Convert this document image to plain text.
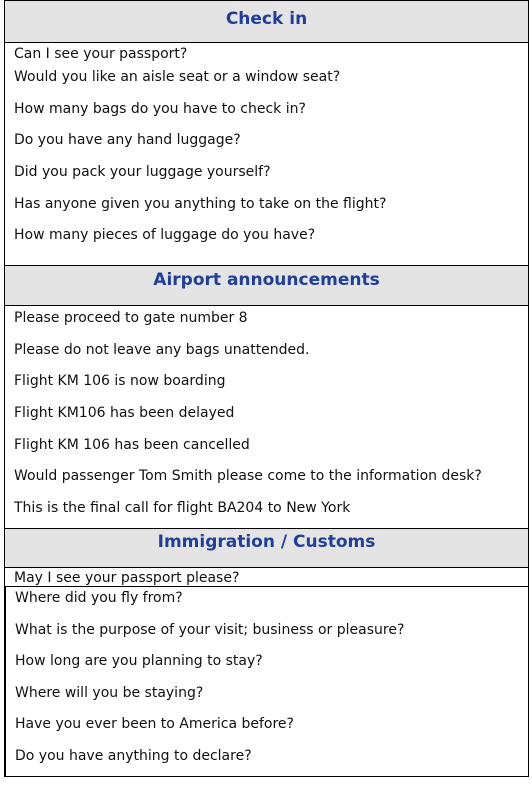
Check in
Can I see your passport?
Would you like an aisle seat or a window seat?
How many bags do you have to check in?
Do you have any hand luggage?
Did you pack your luggage yourself?
Has anyone given you anything to take on the flight?
How many pieces of luggage do you have?
Airport announcements
Please proceed to gate number 8
Please do not leave any bags unattended.
Flight KM 106 is now boarding
Flight KM106 has been delayed
Flight KM 106 has been cancelled
Would passenger Tom Smith please come to the information desk?
This is the final call for flight BA204 to New York
Immigration / Customs
May I see your passport please?
Where did you fly from?
What is the purpose of your visit; business or pleasure?
How long are you planning to stay?
Where will you be staying?
Have you ever been to America before?
Do you have anything to declare?
